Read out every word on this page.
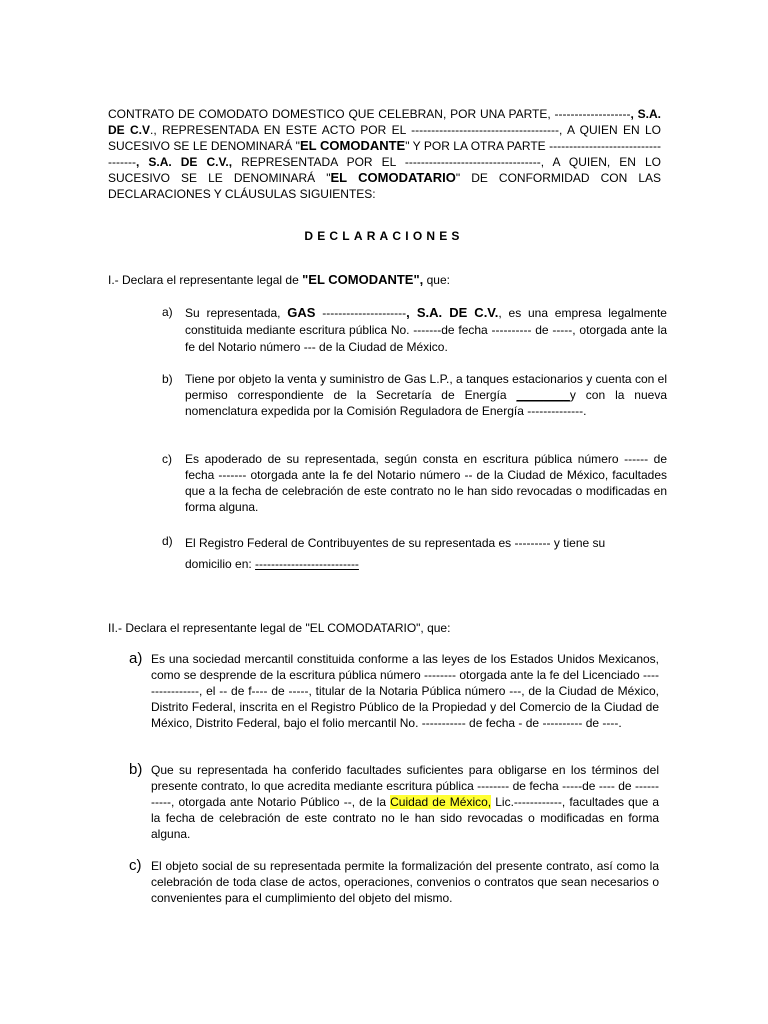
CONTRATO DE COMODATO DOMESTICO QUE CELEBRAN, POR UNA PARTE, -------------------, S.A. DE C.V., REPRESENTADA EN ESTE ACTO POR EL -------------------------------------, A QUIEN EN LO SUCESIVO SE LE DENOMINARÁ "EL COMODANTE" Y POR LA OTRA PARTE -----------------------------------, S.A. DE C.V., REPRESENTADA POR EL ----------------------------------, A QUIEN, EN LO SUCESIVO SE LE DENOMINARÁ "EL COMODATARIO" DE CONFORMIDAD CON LAS DECLARACIONES Y CLÁUSULAS SIGUIENTES:

DECLARACIONES

I.- Declara el representante legal de "EL COMODANTE", que:

a)	Su representada, GAS ---------------------, S.A. DE C.V., es una empresa legalmente constituida mediante escritura pública No. -------de fecha ---------- de -----, otorgada ante la fe del Notario número --- de la Ciudad de México.
b)	Tiene por objeto la venta y suministro de Gas L.P., a tanques estacionarios y cuenta con el permiso correspondiente de la Secretaría de Energía ________y con la nueva nomenclatura expedida por la Comisión Reguladora de Energía --------------.
c)	Es apoderado de su representada, según consta en escritura pública número ------ de fecha ------- otorgada ante la fe del Notario número -- de la Ciudad de México, facultades que a la fecha de celebración de este contrato no le han sido revocadas o modificadas en forma alguna.
d)	El Registro Federal de Contribuyentes de su representada es --------- y tiene su
domicilio en: --------------------------

II.- Declara el representante legal de "EL COMODATARIO", que:

a) Es una sociedad mercantil constituida conforme a las leyes de los Estados Unidos Mexicanos, como se desprende de la escritura pública número -------- otorgada ante la fe del Licenciado ----------------, el -- de f---- de -----, titular de la Notaria Pública número ---, de la Ciudad de México, Distrito Federal, inscrita en el Registro Público de la Propiedad y del Comercio de la Ciudad de México, Distrito Federal, bajo el folio mercantil No. ----------- de fecha - de ---------- de ----.
b) Que su representada ha conferido facultades suficientes para obligarse en los términos del presente contrato, lo que acredita mediante escritura pública -------- de fecha -----de ---- de -----------, otorgada ante Notario Público --, de la Cuidad de México, Lic.------------, facultades que a la fecha de celebración de este contrato no le han sido revocadas o modificadas en forma alguna.
c) El objeto social de su representada permite la formalización del presente contrato, así como la celebración de toda clase de actos, operaciones, convenios o contratos que sean necesarios o convenientes para el cumplimiento del objeto del mismo.
